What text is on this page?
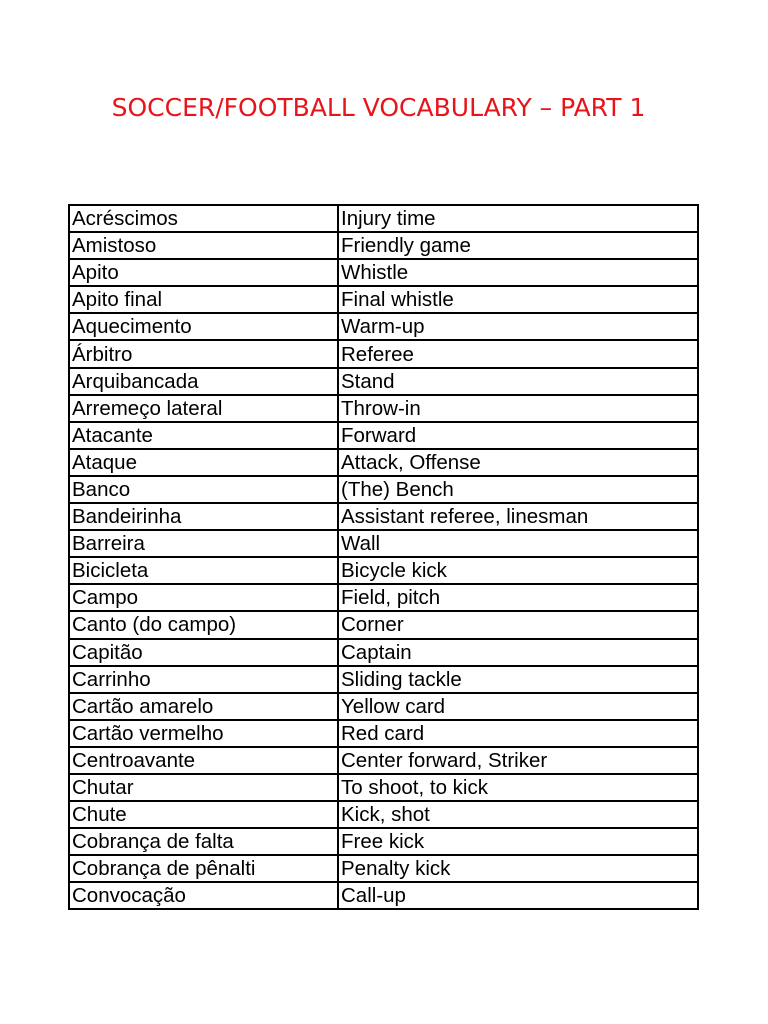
SOCCER/FOOTBALL VOCABULARY – PART 1
Acréscimos	Injury time
Amistoso	Friendly game
Apito	Whistle
Apito final	Final whistle
Aquecimento	Warm-up
Árbitro	Referee
Arquibancada	Stand
Arremeço lateral	Throw-in
Atacante	Forward
Ataque	Attack, Offense
Banco	(The) Bench
Bandeirinha	Assistant referee, linesman
Barreira	Wall
Bicicleta	Bicycle kick
Campo	Field, pitch
Canto (do campo)	Corner
Capitão	Captain
Carrinho	Sliding tackle
Cartão amarelo	Yellow card
Cartão vermelho	Red card
Centroavante	Center forward, Striker
Chutar	To shoot, to kick
Chute	Kick, shot
Cobrança de falta	Free kick
Cobrança de pênalti	Penalty kick
Convocação	Call-up
